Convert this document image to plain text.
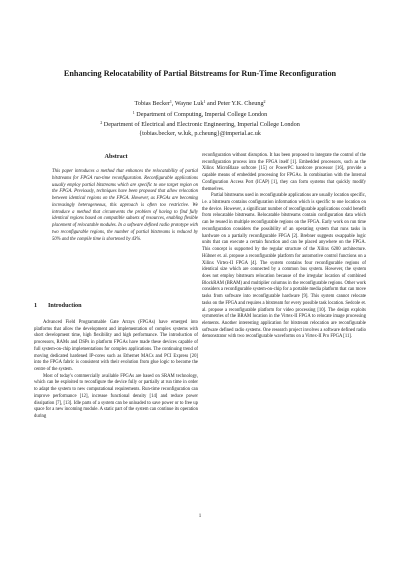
Enhancing Relocatability of Partial Bitstreams for Run-Time Reconfiguration
Tobias Becker$^1$, Wayne Luk$^1$ and Peter Y.K. Cheung$^2$
$^1$ Department of Computing, Imperial College London
$^2$ Department of Electrical and Electronic Engineering, Imperial College London
{tobias.becker, w.luk, p.cheung}@imperial.ac.uk
Abstract
This paper introduces a method that enhances the relocatability of partial bitstreams for FPGA run-time reconfiguration. Reconfigurable applications usually employ partial bitstreams which are specific to one target region on the FPGA. Previously, techniques have been proposed that allow relocation between identical regions on the FPGA. However, as FPGAs are becoming increasingly heterogeneous, this approach is often too restrictive. We introduce a method that circumvents the problem of having to find fully identical regions based on compatible subsets of resources, enabling flexible placement of relocatable modules. In a software defined radio prototype with two reconfigurable regions, the number of partial bitstreams is reduced by 50% and the compile time is shortened by 43%.
1 Introduction

Advanced Field Programmable Gate Arrays (FPGAs) have emerged into platforms that allow the development and implementation of complex systems with short development time, high flexibility and high performance. The introduction of processors, RAMs and DSPs in platform FPGAs have made these devices capable of full system-on-chip implementations for complex applications. The continuing trend of moving dedicated hardened IP-cores such as Ethernet MACs and PCI Express [20] into the FPGA fabric is consistent with their evolution from glue logic to become the centre of the system.

Most of today's commercially available FPGAs are based on SRAM technology, which can be exploited to reconfigure the device fully or partially at run time in order to adapt the system to new computational requirements. Run-time reconfiguration can improve performance [12], increase functional density [14] and reduce power dissipation [7], [13]. Idle parts of a system can be unloaded to save power or to free up space for a new incoming module. A static part of the system can continue its operation during

reconfiguration without disruption. It has been proposed to integrate the control of the reconfiguration process into the FPGA itself [1]. Embedded processors, such as the Xilinx MicroBlaze softcore [15] or PowerPC hardcore processor [16], provide a capable means of embedded processing for FPGAs. In combination with the Internal Configuration Access Port (ICAP) [1], they can form systems that quickly modify themselves.

Partial bitstreams used in reconfigurable applications are usually location specific, i.e. a bitstream contains configuration information which is specific to one location on the device. However, a significant number of reconfigurable applications could benefit from relocatable bitstreams. Relocatable bitstreams contain configuration data which can be reused in multiple reconfigurable regions on the FPGA. Early work on run time reconfiguration considers the possibility of an operating system that runs tasks in hardware on a partially reconfigurable FPGA [2]. Brebner suggests swappable logic units that can execute a certain function and can be placed anywhere on the FPGA. This concept is supported by the regular structure of the Xilinx 6200 architecture. Hübner et. al. propose a reconfigurable platform for automotive control functions on a Xilinx Virtex-II FPGA [4]. The system contains four reconfigurable regions of identical size which are connected by a common bus system. However, the system does not employ bitstream relocation because of the irregular location of combined BlockRAM (BRAM) and multiplier columns in the reconfigurable regions. Other work considers a reconfigurable system-on-chip for a portable media platform that can move tasks from software into reconfigurable hardware [9]. This system cannot relocate tasks on the FPGA and requires a bitstream for every possible task location. Sedcole et. al. propose a reconfigurable platform for video processing [10]. The design exploits symmetries of the BRAM location in the Virtex-II FPGA to relocate image processing elements. Another interesting application for bitstream relocation are reconfigurable software defined radio systems. One research project involves a software defined radio demonstrator with two reconfigurable waveforms on a Virtex-II Pro FPGA [11].

1
